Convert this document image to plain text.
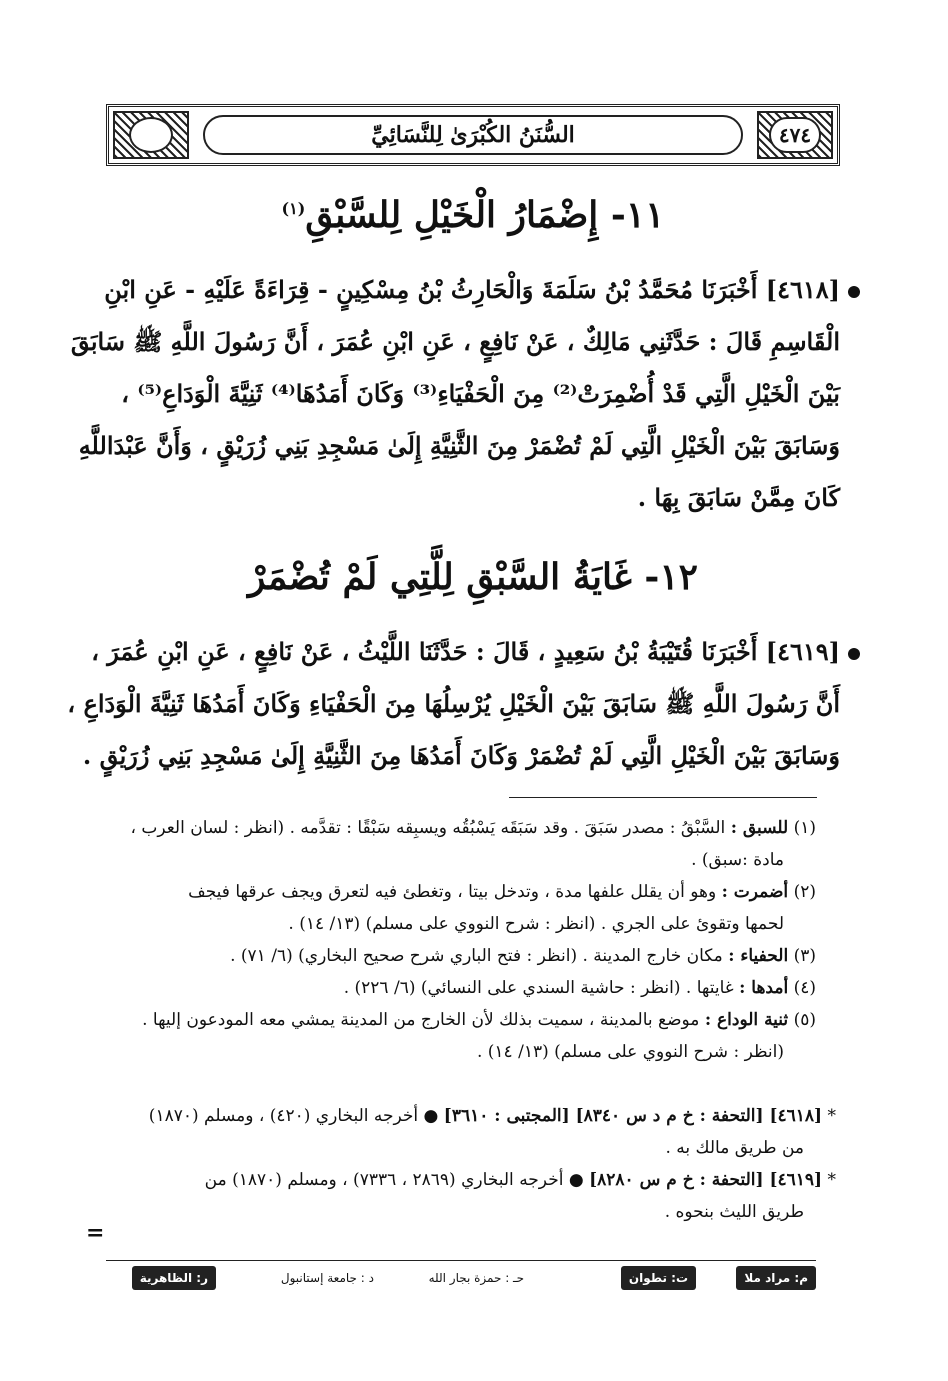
السُّنَنُ الكُبْرَىٰ لِلنَّسَائِيِّ	٤٧٤
١١- إِضْمَارُ الْخَيْلِ لِلسَّبْقِ$^{(١)}$
[٤٦١٨] أَخْبَرَنَا مُحَمَّدُ بْنُ سَلَمَةَ وَالْحَارِثُ بْنُ مِسْكِينٍ - قِرَاءَةً عَلَيْهِ - عَنِ ابْنِ
الْقَاسِمِ قَالَ : حَدَّثَنِي مَالِكٌ ، عَنْ نَافِعٍ ، عَنِ ابْنِ عُمَرَ ، أَنَّ رَسُولَ اللَّهِ ﷺ سَابَقَ
بَيْنَ الْخَيْلِ الَّتِي قَدْ أُضْمِرَتْ⁽²⁾ مِنَ الْحَفْيَاءِ⁽³⁾ وَكَانَ أَمَدُهَا⁽⁴⁾ ثَنِيَّةَ الْوَدَاعِ⁽⁵⁾ ،
وَسَابَقَ بَيْنَ الْخَيْلِ الَّتِي لَمْ تُضْمَرْ مِنَ الثَّنِيَّةِ إِلَىٰ مَسْجِدِ بَنِي زُرَيْقٍ ، وَأَنَّ عَبْدَاللَّهِ
كَانَ مِمَّنْ سَابَقَ بِهَا .
١٢- غَايَةُ السَّبْقِ لِلَّتِي لَمْ تُضْمَرْ
[٤٦١٩] أَخْبَرَنَا قُتَيْبَةُ بْنُ سَعِيدٍ ، قَالَ : حَدَّثَنَا اللَّيْثُ ، عَنْ نَافِعٍ ، عَنِ ابْنِ عُمَرَ ،
أَنَّ رَسُولَ اللَّهِ ﷺ سَابَقَ بَيْنَ الْخَيْلِ يُرْسِلُهَا مِنَ الْحَفْيَاءِ وَكَانَ أَمَدُهَا ثَنِيَّةَ الْوَدَاعِ ،
وَسَابَقَ بَيْنَ الْخَيْلِ الَّتِي لَمْ تُضْمَرْ وَكَانَ أَمَدُهَا مِنَ الثَّنِيَّةِ إِلَىٰ مَسْجِدِ بَنِي زُرَيْقٍ .
(١) للسبق : السَّبْقُ : مصدر سَبَقَ . وقد سَبَقَه يَسْبُقُه ويسبِقه سَبْقًا : تقدَّمه . (انظر : لسان العرب ،
مادة :سبق) .
(٢) أضمرت : وهو أن يقلل علفها مدة ، وتدخل بيتا ، وتغطئ فيه لتعرق ويجف عرقها فيجف
لحمها وتقوئ على الجري . (انظر : شرح النووي على مسلم) (١٣/ ١٤) .
(٣) الحفياء : مكان خارج المدينة . (انظر : فتح الباري شرح صحيح البخاري) (٦/ ٧١) .
(٤) أمدها : غايتها . (انظر : حاشية السندي على النسائي) (٦/ ٢٢٦) .
(٥) ثنية الوداع : موضع بالمدينة ، سميت بذلك لأن الخارج من المدينة يمشي معه المودعون إليها .
(انظر : شرح النووي على مسلم) (١٣/ ١٤) .
* [٤٦١٨] [التحفة : خ م د س ٨٣٤٠] [المجتبى : ٣٦١٠] ● أخرجه البخاري (٤٢٠) ، ومسلم (١٨٧٠)
من طريق مالك به .
* [٤٦١٩] [التحفة : خ م س ٨٢٨٠] ● أخرجه البخاري (٢٨٦٩ ، ٧٣٣٦) ، ومسلم (١٨٧٠) من
طريق الليث بنحوه .
=
م: مراد ملا
ت: تطوان
حـ : حمزة بجار الله
د : جامعة إستانبول
ر: الظاهرية
